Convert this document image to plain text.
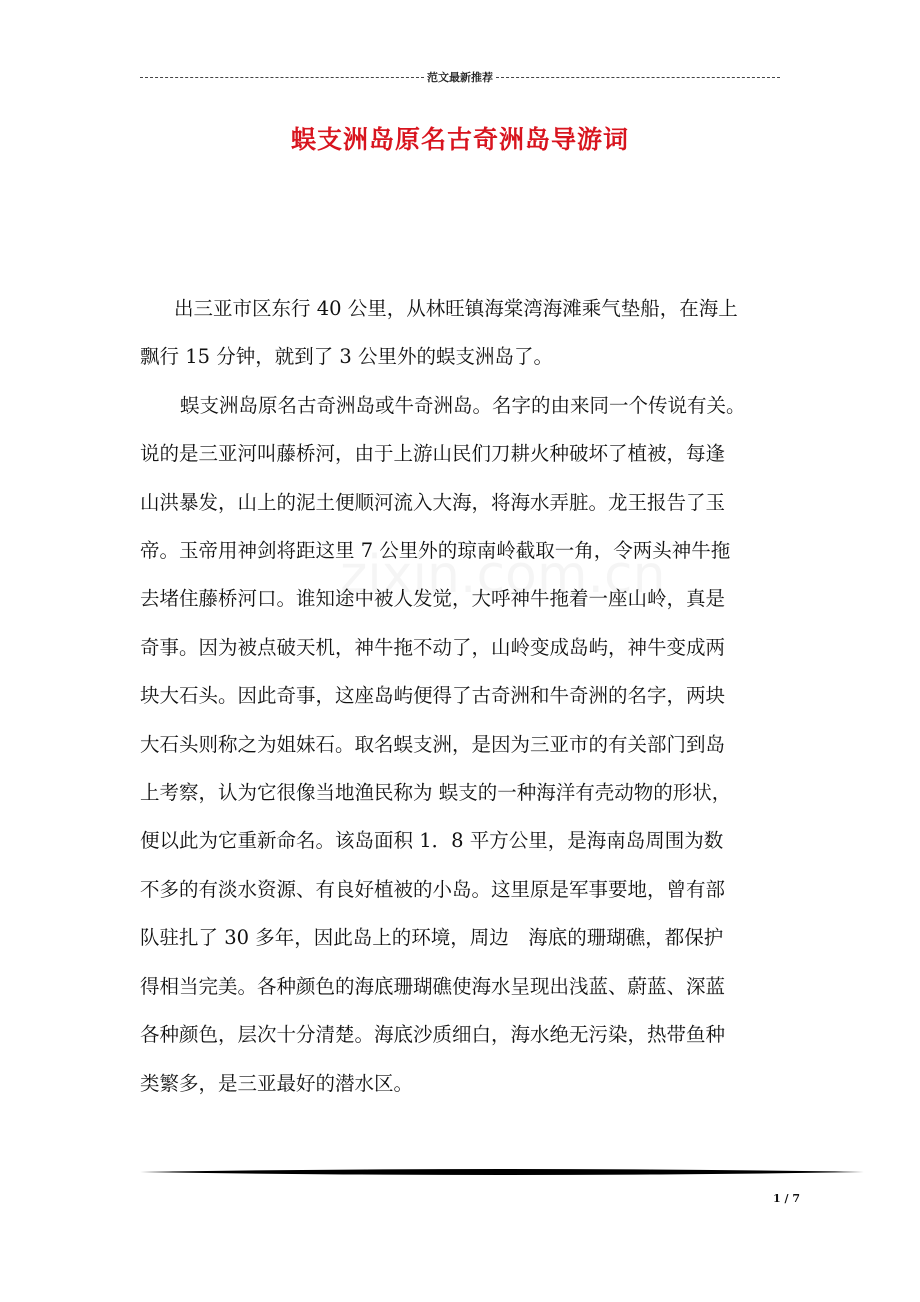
范文最新推荐
蜈支洲岛原名古奇洲岛导游词

出三亚市区东行 40 公里，从林旺镇海棠湾海滩乘气垫船，在海上
飘行 15 分钟，就到了 3 公里外的蜈支洲岛了。

蜈支洲岛原名古奇洲岛或牛奇洲岛。名字的由来同一个传说有关。
说的是三亚河叫藤桥河，由于上游山民们刀耕火种破坏了植被，每逢
山洪暴发，山上的泥土便顺河流入大海，将海水弄脏。龙王报告了玉
帝。玉帝用神剑将距这里 7 公里外的琼南岭截取一角，令两头神牛拖
去堵住藤桥河口。谁知途中被人发觉，大呼神牛拖着一座山岭，真是
奇事。因为被点破天机，神牛拖不动了，山岭变成岛屿，神牛变成两
块大石头。因此奇事，这座岛屿便得了古奇洲和牛奇洲的名字，两块
大石头则称之为姐妹石。取名蜈支洲，是因为三亚市的有关部门到岛
上考察，认为它很像当地渔民称为 蜈支的一种海洋有壳动物的形状，
便以此为它重新命名。该岛面积 1．8 平方公里，是海南岛周围为数
不多的有淡水资源、有良好植被的小岛。这里原是军事要地，曾有部
队驻扎了 30 多年，因此岛上的环境，周边　海底的珊瑚礁，都保护
得相当完美。各种颜色的海底珊瑚礁使海水呈现出浅蓝、蔚蓝、深蓝
各种颜色，层次十分清楚。海底沙质细白，海水绝无污染，热带鱼种
类繁多，是三亚最好的潜水区。

1 / 7
